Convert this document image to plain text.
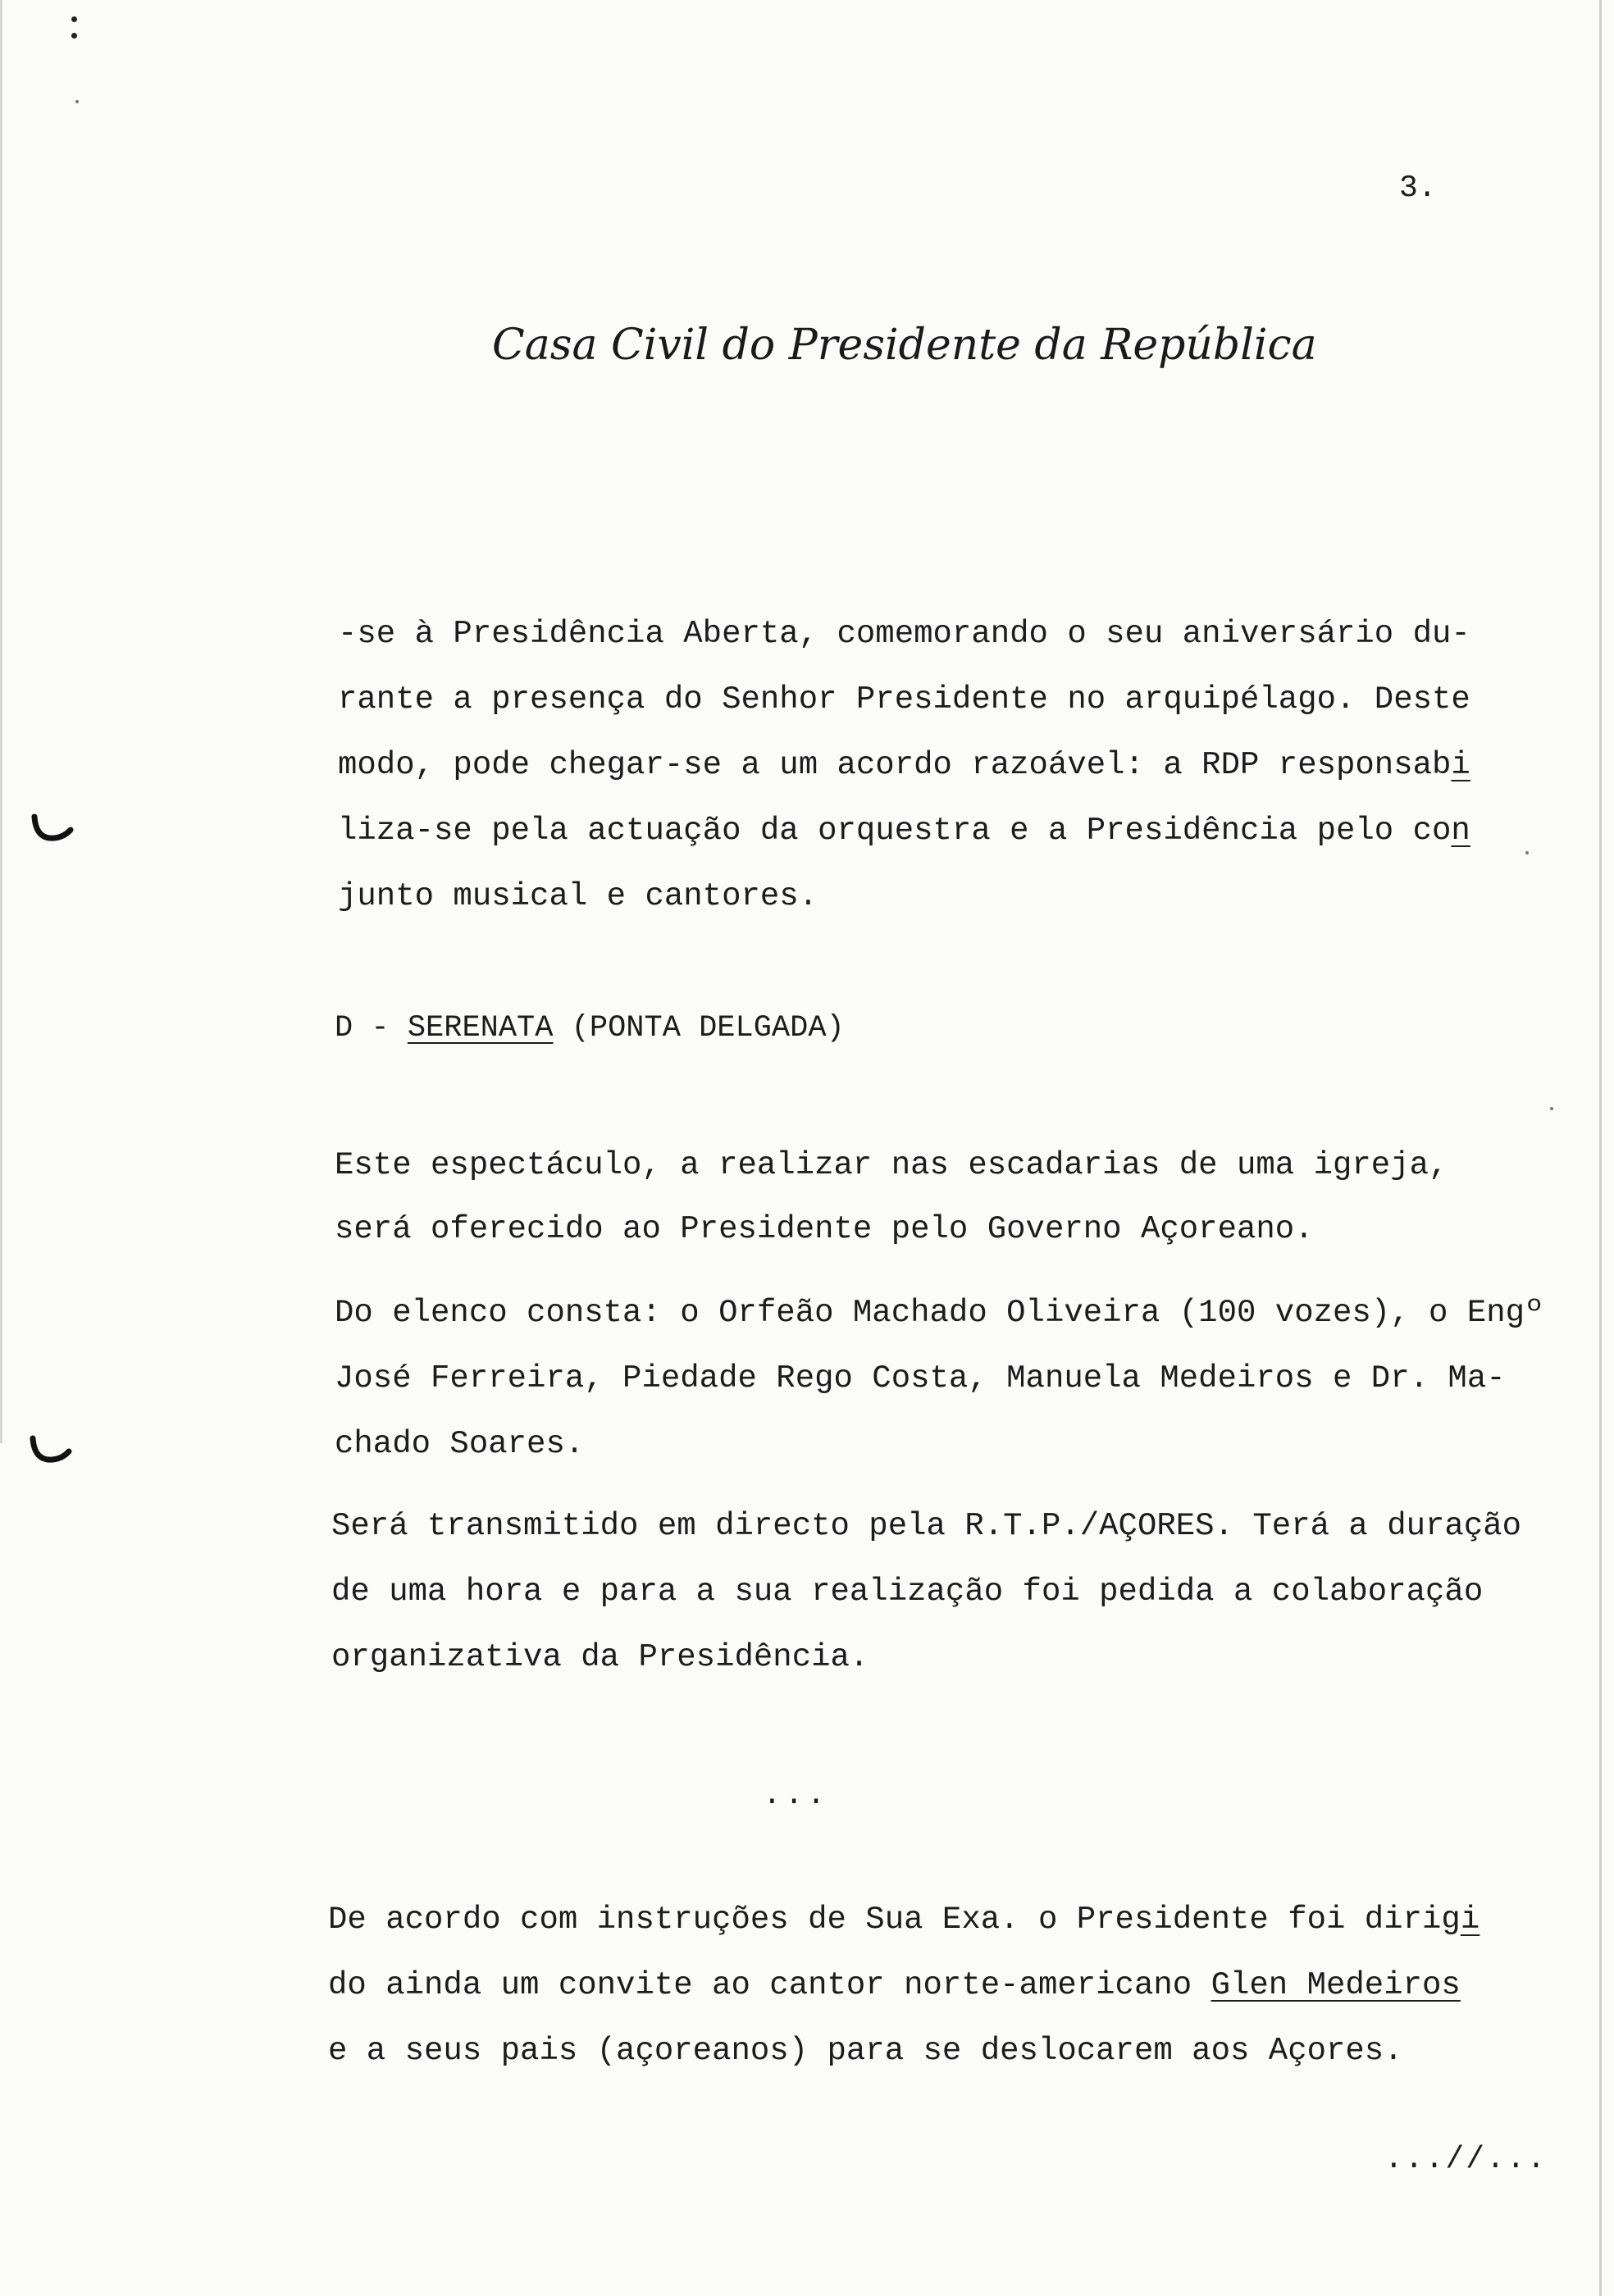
3.
Casa Civil do Presidente da República
-se à Presidência Aberta, comemorando o seu aniversário du-
rante a presença do Senhor Presidente no arquipélago. Deste
modo, pode chegar-se a um acordo razoável: a RDP responsabi
liza-se pela actuação da orquestra e a Presidência pelo con
junto musical e cantores.
D - SERENATA (PONTA DELGADA)
Este espectáculo, a realizar nas escadarias de uma igreja,
será oferecido ao Presidente pelo Governo Açoreano.
Do elenco consta: o Orfeão Machado Oliveira (100 vozes), o Engº
José Ferreira, Piedade Rego Costa, Manuela Medeiros e Dr. Ma-
chado Soares.
Será transmitido em directo pela R.T.P./AÇORES. Terá a duração
de uma hora e para a sua realização foi pedida a colaboração
organizativa da Presidência.
...
De acordo com instruções de Sua Exa. o Presidente foi dirigi
do ainda um convite ao cantor norte-americano Glen Medeiros
e a seus pais (açoreanos) para se deslocarem aos Açores.
...//...
